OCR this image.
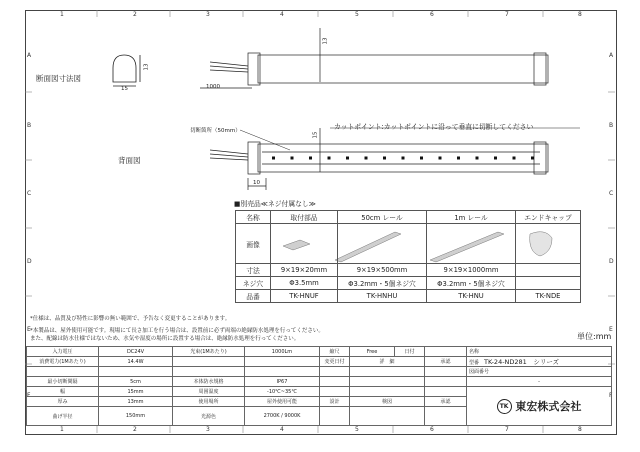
1
1
2
2
3
3
4
4
5
5
6
6
7
7
8
8
A	A
B	B
C	C
D	D
E	E
F	F
断面図寸法図
15
13
1000
13
背面図
切断箇所（50mm）	カットポイント:カットポイントに沿って垂直に切断してください
15
10
■別売品≪ネジ付属なし≫
名称	取付部品	50cm レール	1m レール	エンドキャップ
画像				
寸法	9×19×20mm	9×19×500mm	9×19×1000mm	
ネジ穴	Φ3.5mm	Φ3.2mm・5個ネジ穴	Φ3.2mm・5個ネジ穴	
品番	TK-HNUF	TK-HNHU	TK-HNU	TK-NDE
*仕様は、品質及び特性に影響の無い範囲で、予告なく変更することがあります。
*本製品は、屋外使用可能です。現場にて長さ加工を行う場合は、設置前に必ず両端の絶縁防水処理を行ってください。
また、配線は防水仕様ではないため、水気や湿度の場所に設置する場合は、絶縁防水処理を行ってください。	単位:mm
入力電圧	DC24V	光束(1Mあたり)	1000Lm	縮尺	Free	日付		名称
消費電力(1Mあたり)	14.4W			変更日付	詳　細		承認	型番　 TK-24-ND281　シリーズ
								図面番号
最小切断間隔	5cm	本体防水規格	IP67					-
幅	15mm	周囲温度	-10℃~35℃					TK 東宏株式会社
厚み	13mm	使用場所	屋外使用可能	設計	検図		承認	
曲げ半径	150mm	光源色	2700K / 9000K					
